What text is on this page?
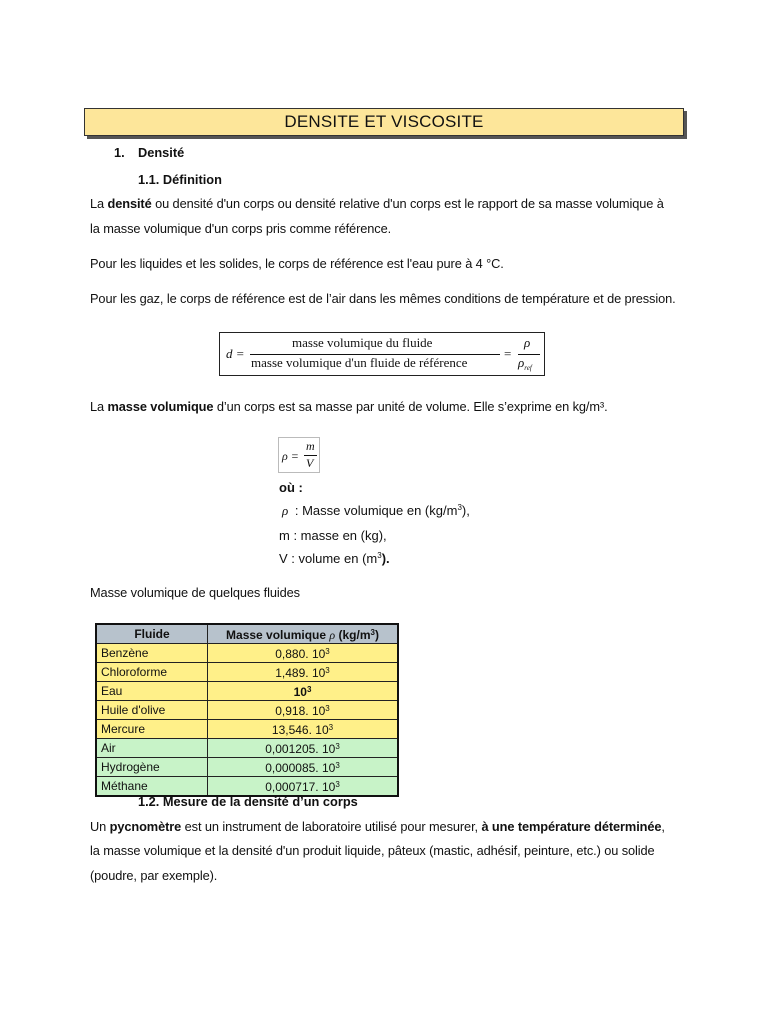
DENSITE ET VISCOSITE
1. Densité
1.1. Définition
La densité ou densité d'un corps ou densité relative d'un corps est le rapport de sa masse volumique à
la masse volumique d'un corps pris comme référence.
Pour les liquides et les solides, le corps de référence est l'eau pure à 4 °C.
Pour les gaz, le corps de référence est de l’air dans les mêmes conditions de température et de pression.
d =
masse volumique du fluide
masse volumique d'un fluide de référence
=
ρ
$\rho_{ref}$
La masse volumique d’un corps est sa masse par unité de volume. Elle s’exprime en kg/m³.
ρ =
m
V
où :
ρ : Masse volumique en $(kg/m^3)$,
m : masse en (kg),
V : volume en $(m^3)$.
Masse volumique de quelques fluides
Fluide	Masse volumique ρ $(kg/m^3)$
Benzène	0,880. $10^3$
Chloroforme	1,489. $10^3$
Eau	$10^3$
Huile d'olive	0,918. $10^3$
Mercure	13,546. $10^3$
Air	0,001205. $10^3$
Hydrogène	0,000085. $10^3$
Méthane	0,000717. $10^3$
1.2. Mesure de la densité d’un corps
Un pycnomètre est un instrument de laboratoire utilisé pour mesurer, à une température déterminée,
la masse volumique et la densité d'un produit liquide, pâteux (mastic, adhésif, peinture, etc.) ou solide
(poudre, par exemple).
